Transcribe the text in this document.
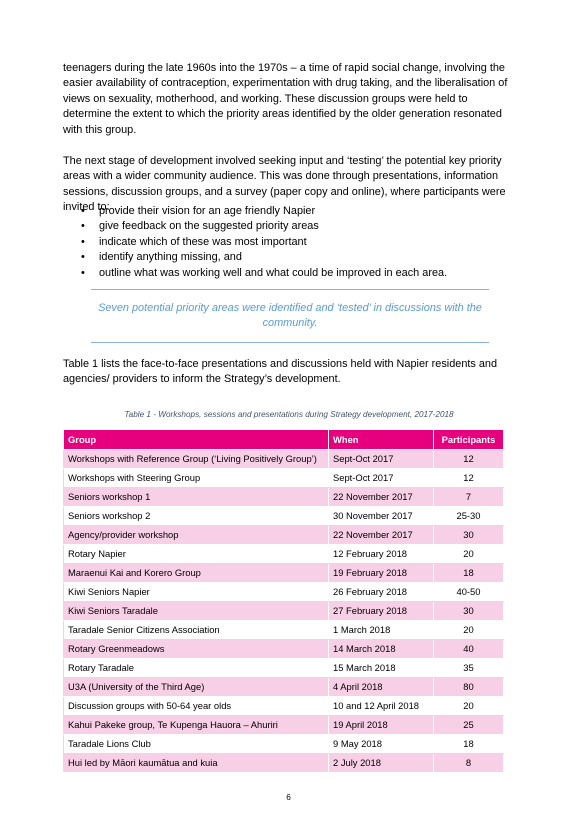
teenagers during the late 1960s into the 1970s – a time of rapid social change, involving the easier availability of contraception, experimentation with drug taking, and the liberalisation of views on sexuality, motherhood, and working. These discussion groups were held to determine the extent to which the priority areas identified by the older generation resonated with this group.

The next stage of development involved seeking input and ‘testing’ the potential key priority areas with a wider community audience. This was done through presentations, information sessions, discussion groups, and a survey (paper copy and online), where participants were invited to:

• provide their vision for an age friendly Napier
• give feedback on the suggested priority areas
• indicate which of these was most important
• identify anything missing, and
• outline what was working well and what could be improved in each area.

Seven potential priority areas were identified and ‘tested’ in discussions with the community.

Table 1 lists the face-to-face presentations and discussions held with Napier residents and agencies/ providers to inform the Strategy’s development.

Table 1 - Workshops, sessions and presentations during Strategy development, 2017-2018
Group	When	Participants
Workshops with Reference Group (‘Living Positively Group’)	Sept-Oct 2017	12
Workshops with Steering Group	Sept-Oct 2017	12
Seniors workshop 1	22 November 2017	7
Seniors workshop 2	30 November 2017	25-30
Agency/provider workshop	22 November 2017	30
Rotary Napier	12 February 2018	20
Maraenui Kai and Korero Group	19 February 2018	18
Kiwi Seniors Napier	26 February 2018	40-50
Kiwi Seniors Taradale	27 February 2018	30
Taradale Senior Citizens Association	1 March 2018	20
Rotary Greenmeadows	14 March 2018	40
Rotary Taradale	15 March 2018	35
U3A (University of the Third Age)	4 April 2018	80
Discussion groups with 50-64 year olds	10 and 12 April 2018	20
Kahui Pakeke group, Te Kupenga Hauora – Ahuriri	19 April 2018	25
Taradale Lions Club	9 May 2018	18
Hui led by Māori kaumātua and kuia	2 July 2018	8
6
